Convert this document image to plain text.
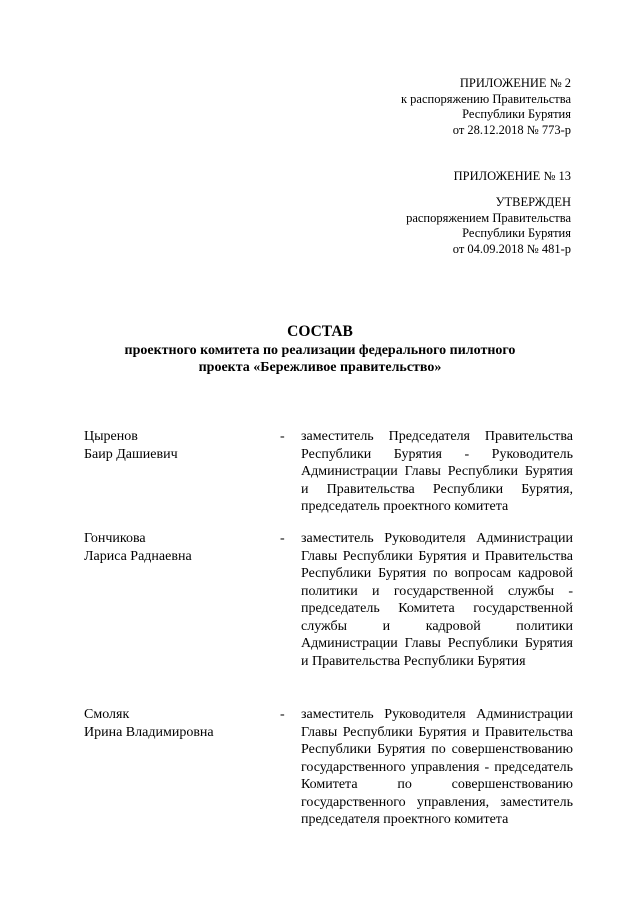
ПРИЛОЖЕНИЕ № 2
к распоряжению Правительства
Республики Бурятия
от 28.12.2018 № 773-р
ПРИЛОЖЕНИЕ № 13
УТВЕРЖДЕН
распоряжением Правительства
Республики Бурятия
от 04.09.2018 № 481-р
СОСТАВ
проектного комитета по реализации федерального пилотного
проекта «Бережливое правительство»
Цыренов
Баир Дашиевич
- заместитель Председателя Правительства Республики Бурятия - Руководитель Администрации Главы Республики Бурятия и Правительства Республики Бурятия, председатель проектного комитета
Гончикова
Лариса Раднаевна
- заместитель Руководителя Администрации Главы Республики Бурятия и Правительства Республики Бурятия по вопросам кадровой политики и государственной службы - председатель Комитета государственной службы и кадровой политики Администрации Главы Республики Бурятия и Правительства Республики Бурятия
Смоляк
Ирина Владимировна
- заместитель Руководителя Администрации Главы Республики Бурятия и Правительства Республики Бурятия по совершенствованию государственного управления - председатель Комитета по совершенствованию государственного управления, заместитель председателя проектного комитета
